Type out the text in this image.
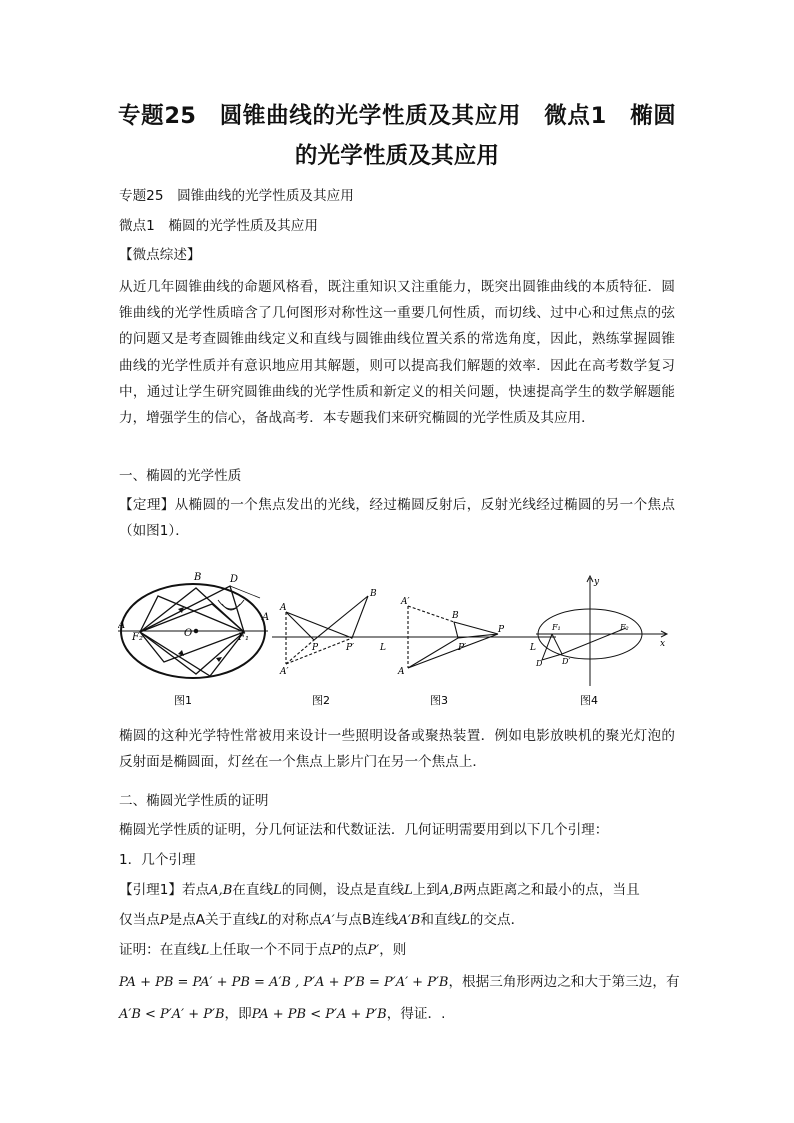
专题25　圆锥曲线的光学性质及其应用　微点1　椭圆的光学性质及其应用
专题25　圆锥曲线的光学性质及其应用
微点1　椭圆的光学性质及其应用
【微点综述】
从近几年圆锥曲线的命题风格看，既注重知识又注重能力，既突出圆锥曲线的本质特征．圆
锥曲线的光学性质暗含了几何图形对称性这一重要几何性质，而切线、过中心和过焦点的弦
的问题又是考查圆锥曲线定义和直线与圆锥曲线位置关系的常选角度，因此，熟练掌握圆锥
曲线的光学性质并有意识地应用其解题，则可以提高我们解题的效率．因此在高考数学复习
中，通过让学生研究圆锥曲线的光学性质和新定义的相关问题，快速提高学生的数学解题能
力，增强学生的信心，备战高考．本专题我们来研究椭圆的光学性质及其应用．
一、椭圆的光学性质
【定理】从椭圆的一个焦点发出的光线，经过椭圆反射后，反射光线经过椭圆的另一个焦点
（如图1）．
B	D
O	F₁
F₂
A
A
A
B
P	P′	L
A′
A′
B
P
P′	L
A
y
x
F₁	F₂
D D′
图1	图2	图3	图4
椭圆的这种光学特性常被用来设计一些照明设备或聚热装置．例如电影放映机的聚光灯泡的
反射面是椭圆面，灯丝在一个焦点上影片门在另一个焦点上．
二、椭圆光学性质的证明
椭圆光学性质的证明，分几何证法和代数证法．几何证明需要用到以下几个引理：
1．几个引理
【引理1】若点A,B在直线L的同侧，设点是直线L上到A,B两点距离之和最小的点，当且
仅当点P是点A关于直线L的对称点A′与点B连线A′B和直线L的交点．
证明：在直线L上任取一个不同于点P的点P′，则
PA + PB = PA′ + PB = A′B , P′A + P′B = P′A′ + P′B，根据三角形两边之和大于第三边，有
A′B < P′A′ + P′B，即PA + PB < P′A + P′B，得证．.
